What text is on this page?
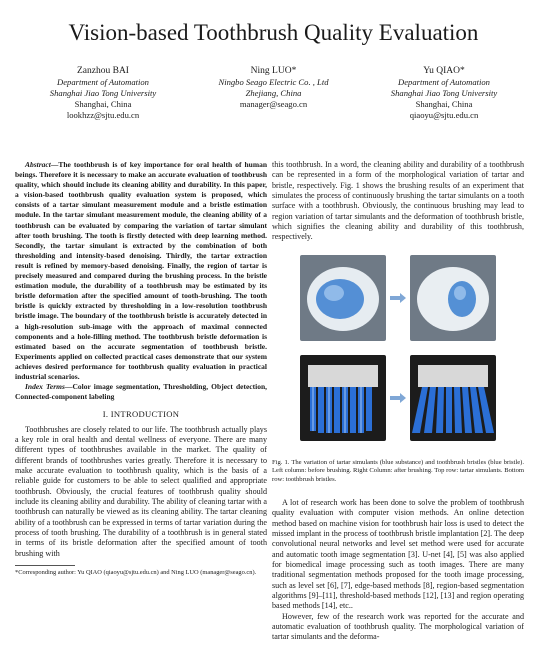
Vision-based Toothbrush Quality Evaluation
Zanzhou BAI
Department of Automation
Shanghai Jiao Tong University
Shanghai, China
lookhzz@sjtu.edu.cn
Ning LUO*
Ningbo Seago Electric Co. , Ltd
Zhejiang, China
manager@seago.cn
Yu QIAO*
Department of Automation
Shanghai Jiao Tong University
Shanghai, China
qiaoyu@sjtu.edu.cn

Abstract—The toothbrush is of key importance for oral health of human beings. Therefore it is necessary to make an accurate evaluation of toothbrush quality, which should include its cleaning ability and durability. In this paper, a vision-based toothbrush quality evaluation system is proposed, which consists of a tartar simulant measurement module and a bristle estimation module. In the tartar simulant measurement module, the cleaning ability of a toothbrush can be evaluated by comparing the variation of tartar simulant after tooth brushing. The tooth is firstly detected with deep learning method. Secondly, the tartar simulant is extracted by the combination of both thresholding and intensity-based denoising. Thirdly, the tartar extraction result is refined by memory-based denoising. Finally, the region of tartar is precisely measured and compared during the brushing process. In the bristle estimation module, the durability of a toothbrush may be estimated by its bristle deformation after the specified amount of tooth-brushing. The tooth bristle is quickly extracted by thresholding in a low-resolution toothbrush bristle image. The boundary of the toothbrush bristle is accurately detected in a high-resolution sub-image with the approach of maximal connected components and a hole-filling method. The toothbrush bristle deformation is estimated based on the accurate segmentation of toothbrush bristle. Experiments applied on collected practical cases demonstrate that our system achieves desired performance for toothbrush quality evaluation in practical industrial scenarios.

Index Terms—Color image segmentation, Thresholding, Object detection, Connected-component labeling

I. INTRODUCTION

Toothbrushes are closely related to our life. The toothbrush actually plays a key role in oral health and dental wellness of everyone. There are many different types of toothbrushes available in the market. The quality of different brands of toothbrushes varies greatly. Therefore it is necessary to make accurate evaluation to toothbrush quality, which is the basis of a reliable guide for customers to be able to select qualified and appropriate toothbrush. Obviously, the crucial features of toothbrush quality should include its cleaning ability and durability. The ability of cleaning tartar with a toothbrush can naturally be viewed as its cleaning ability. The tartar cleaning ability of a toothbrush can be expressed in terms of tartar variation during the process of tooth brushing. The durability of a toothbrush is in general stated in terms of its bristle deformation after the specified amount of tooth brushing with

*Corresponding author: Yu QIAO (qiaoyu@sjtu.edu.cn) and Ning LUO (manager@seago.cn).

this toothbrush. In a word, the cleaning ability and durability of a toothbrush can be represented in a form of the morphological variation of tartar and bristle, respectively. Fig. 1 shows the brushing results of an experiment that simulates the process of continuously brushing the tartar simulants on a tooth surface with a toothbrush. Obviously, the continuous brushing may lead to region variation of tartar simulants and the deformation of toothbrush bristle, which signifies the cleaning ability and durability of this toothbrush, respectively.

Fig. 1. The variation of tartar simulants (blue substance) and toothbrush bristles (blue bristle). Left column: before brushing. Right Column: after brushing. Top row: tartar simulants. Bottom row: toothbrush bristles.

A lot of research work has been done to solve the problem of toothbrush quality evaluation with computer vision methods. An online detection method based on machine vision for toothbrush hair loss is used to detect the missed implant in the process of toothbrush bristle implantation [2]. The deep convolutional neural networks and level set method were used for accurate and automatic tooth image segmentation [3]. U-net [4], [5] was also applied for biomedical image processing such as tooth images. There are many traditional segmentation methods proposed for the tooth image processing, such as level set [6], [7], edge-based methods [8], region-based segmentation algorithms [9]–[11], threshold-based methods [12], [13] and region operating based methods [14], etc..

However, few of the research work was reported for the accurate and automatic evaluation of toothbrush quality. The morphological variation of tartar simulants and the deforma-
